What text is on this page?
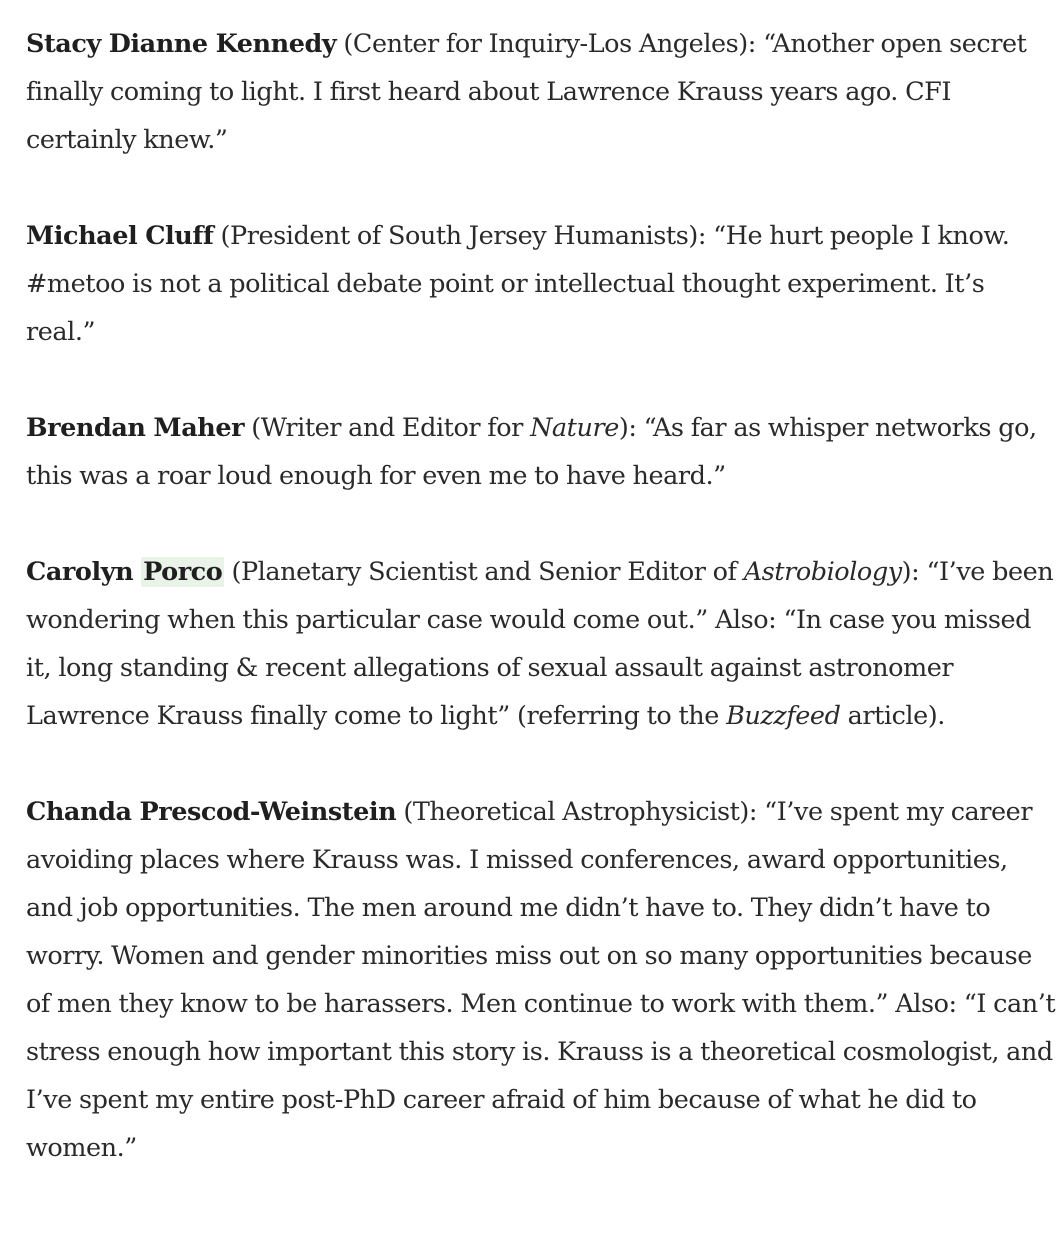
Stacy Dianne Kennedy (Center for Inquiry-Los Angeles): “Another open secret finally coming to light. I first heard about Lawrence Krauss years ago. CFI certainly knew.”

Michael Cluff (President of South Jersey Humanists): “He hurt people I know. #metoo is not a political debate point or intellectual thought experiment. It’s real.”

Brendan Maher (Writer and Editor for Nature): “As far as whisper networks go, this was a roar loud enough for even me to have heard.”

Carolyn Porco (Planetary Scientist and Senior Editor of Astrobiology): “I’ve been wondering when this particular case would come out.” Also: “In case you missed it, long standing & recent allegations of sexual assault against astronomer Lawrence Krauss finally come to light” (referring to the Buzzfeed article).

Chanda Prescod-Weinstein (Theoretical Astrophysicist): “I’ve spent my career avoiding places where Krauss was. I missed conferences, award opportunities, and job opportunities. The men around me didn’t have to. They didn’t have to worry. Women and gender minorities miss out on so many opportunities because of men they know to be harassers. Men continue to work with them.” Also: “I can’t stress enough how important this story is. Krauss is a theoretical cosmologist, and I’ve spent my entire post-PhD career afraid of him because of what he did to women.”
